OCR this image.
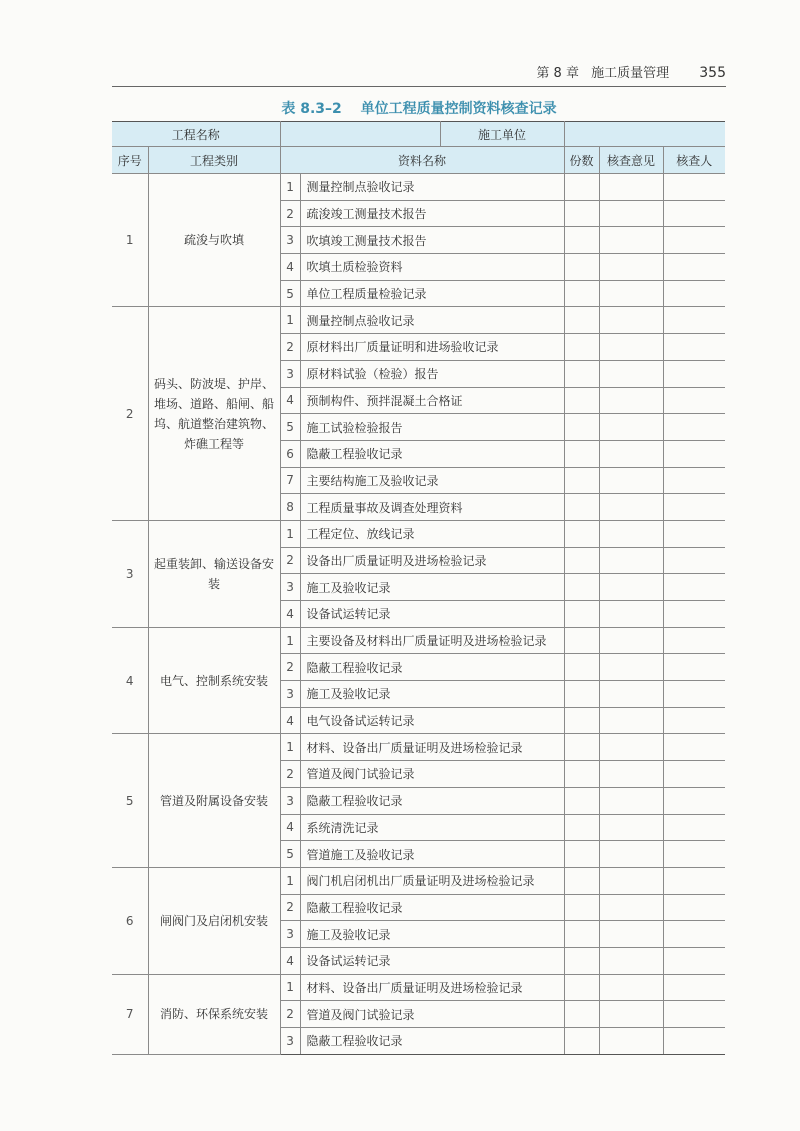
第 8 章 施工质量管理 355
表 8.3–2 单位工程质量控制资料核查记录
工程名称				施工单位			
序号	工程类别	资料名称			份数	核查意见	核查人
1	疏浚与吹填	1	测量控制点验收记录				
		2	疏浚竣工测量技术报告				
		3	吹填竣工测量技术报告				
		4	吹填土质检验资料				
		5	单位工程质量检验记录				
2	码头、防波堤、护岸、堆场、道路、船闸、船坞、航道整治建筑物、炸礁工程等	1	测量控制点验收记录				
		2	原材料出厂质量证明和进场验收记录				
		3	原材料试验（检验）报告				
		4	预制构件、预拌混凝土合格证				
		5	施工试验检验报告				
		6	隐蔽工程验收记录				
		7	主要结构施工及验收记录				
		8	工程质量事故及调查处理资料				
3	起重装卸、输送设备安装	1	工程定位、放线记录				
		2	设备出厂质量证明及进场检验记录				
		3	施工及验收记录				
		4	设备试运转记录				
4	电气、控制系统安装	1	主要设备及材料出厂质量证明及进场检验记录				
		2	隐蔽工程验收记录				
		3	施工及验收记录				
		4	电气设备试运转记录				
5	管道及附属设备安装	1	材料、设备出厂质量证明及进场检验记录				
		2	管道及阀门试验记录				
		3	隐蔽工程验收记录				
		4	系统清洗记录				
		5	管道施工及验收记录				
6	闸阀门及启闭机安装	1	阀门机启闭机出厂质量证明及进场检验记录				
		2	隐蔽工程验收记录				
		3	施工及验收记录				
		4	设备试运转记录				
7	消防、环保系统安装	1	材料、设备出厂质量证明及进场检验记录				
		2	管道及阀门试验记录				
		3	隐蔽工程验收记录				
